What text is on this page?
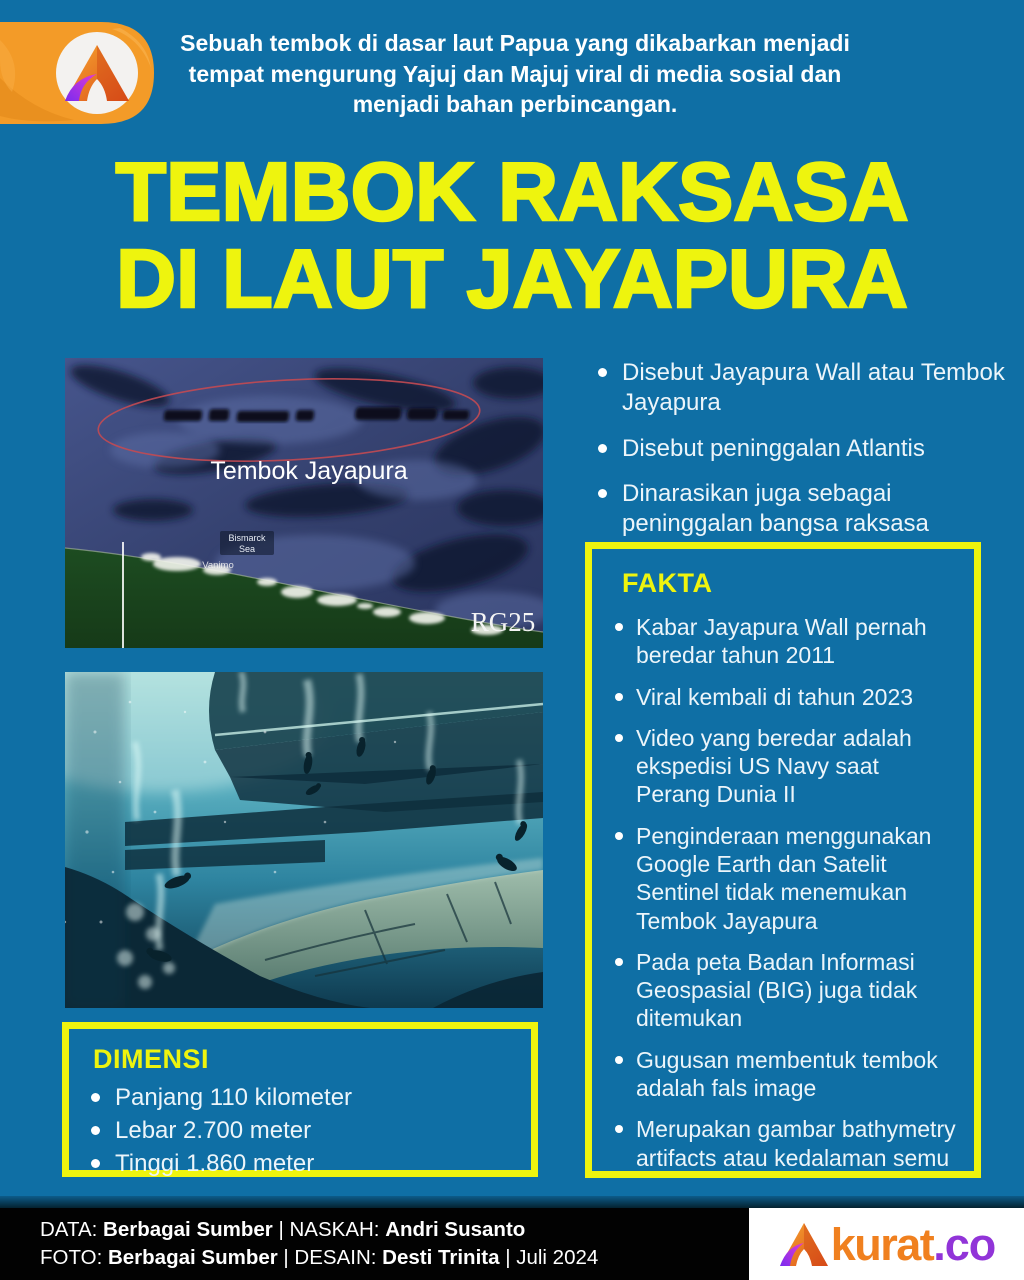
Sebuah tembok di dasar laut Papua yang dikabarkan menjadi
tempat mengurung Yajuj dan Majuj viral di media sosial dan
menjadi bahan perbincangan.
TEMBOK RAKSASA
DI LAUT JAYAPURA
Tembok Jayapura
Bismarck
Sea
Vanimo
RG25
Disebut Jayapura Wall atau Tembok Jayapura
Disebut peninggalan Atlantis
Dinarasikan juga sebagai peninggalan bangsa raksasa
FAKTA
Kabar Jayapura Wall pernah beredar tahun 2011
Viral kembali di tahun 2023
Video yang beredar adalah ekspedisi US Navy saat Perang Dunia II
Penginderaan menggunakan Google Earth dan Satelit Sentinel tidak menemukan Tembok Jayapura
Pada peta Badan Informasi Geospasial (BIG) juga tidak ditemukan
Gugusan membentuk tembok adalah fals image
Merupakan gambar bathymetry artifacts atau kedalaman semu
DIMENSI
Panjang 110 kilometer
Lebar 2.700 meter
Tinggi 1.860 meter
DATA: Berbagai Sumber | NASKAH: Andri Susanto
FOTO: Berbagai Sumber | DESAIN: Desti Trinita | Juli 2024	kurat .co
